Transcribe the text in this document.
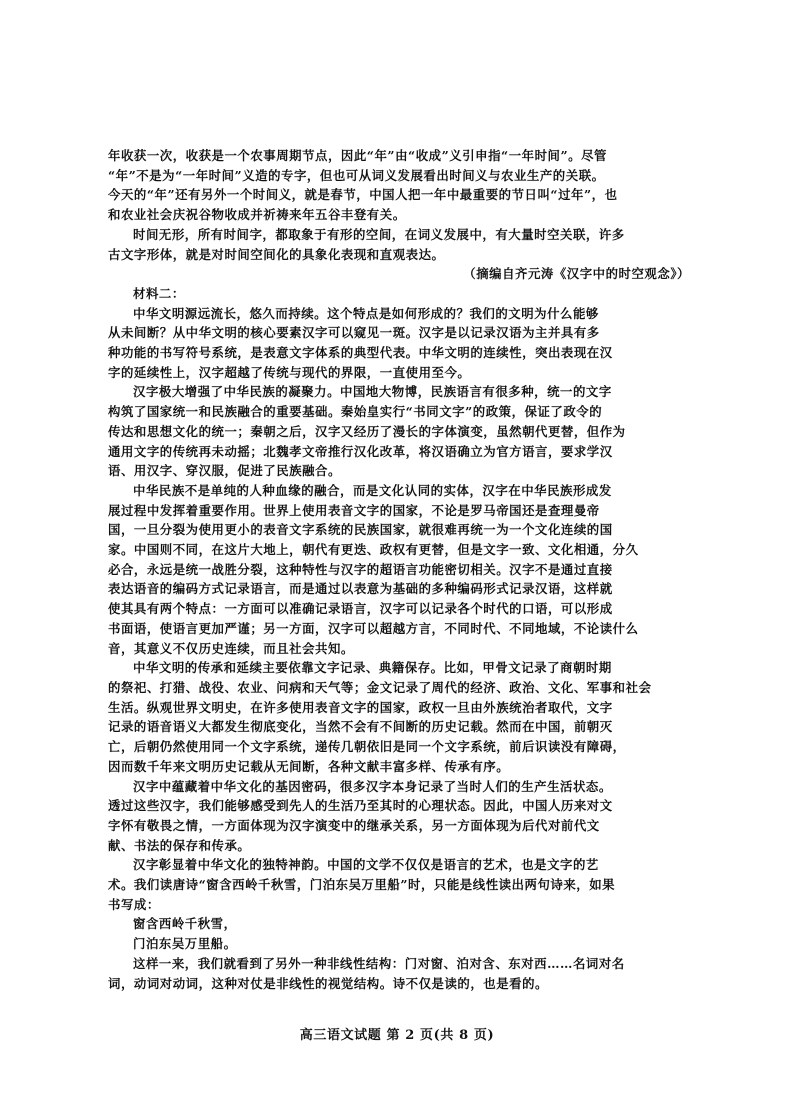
年收获一次，收获是一个农事周期节点，因此“年”由“收成”义引申指“一年时间”。尽管
“年”不是为“一年时间”义造的专字，但也可从词义发展看出时间义与农业生产的关联。
今天的“年”还有另外一个时间义，就是春节，中国人把一年中最重要的节日叫“过年”，也
和农业社会庆祝谷物收成并祈祷来年五谷丰登有关。
时间无形，所有时间字，都取象于有形的空间，在词义发展中，有大量时空关联，许多
古文字形体，就是对时间空间化的具象化表现和直观表达。
（摘编自齐元涛《汉字中的时空观念》）
材料二：
中华文明源远流长，悠久而持续。这个特点是如何形成的？我们的文明为什么能够
从未间断？从中华文明的核心要素汉字可以窥见一斑。汉字是以记录汉语为主并具有多
种功能的书写符号系统，是表意文字体系的典型代表。中华文明的连续性，突出表现在汉
字的延续性上，汉字超越了传统与现代的界限，一直使用至今。
汉字极大增强了中华民族的凝聚力。中国地大物博，民族语言有很多种，统一的文字
构筑了国家统一和民族融合的重要基础。秦始皇实行“书同文字”的政策，保证了政令的
传达和思想文化的统一；秦朝之后，汉字又经历了漫长的字体演变，虽然朝代更替，但作为
通用文字的传统再未动摇；北魏孝文帝推行汉化改革，将汉语确立为官方语言，要求学汉
语、用汉字、穿汉服，促进了民族融合。
中华民族不是单纯的人种血缘的融合，而是文化认同的实体，汉字在中华民族形成发
展过程中发挥着重要作用。世界上使用表音文字的国家，不论是罗马帝国还是查理曼帝
国，一旦分裂为使用更小的表音文字系统的民族国家，就很难再统一为一个文化连续的国
家。中国则不同，在这片大地上，朝代有更迭、政权有更替，但是文字一致、文化相通，分久
必合，永远是统一战胜分裂，这种特性与汉字的超语言功能密切相关。汉字不是通过直接
表达语音的编码方式记录语言，而是通过以表意为基础的多种编码形式记录汉语，这样就
使其具有两个特点：一方面可以准确记录语言，汉字可以记录各个时代的口语，可以形成
书面语，使语言更加严谨；另一方面，汉字可以超越方言，不同时代、不同地域，不论读什么
音，其意义不仅历史连续，而且社会共知。
中华文明的传承和延续主要依靠文字记录、典籍保存。比如，甲骨文记录了商朝时期
的祭祀、打猎、战役、农业、问病和天气等；金文记录了周代的经济、政治、文化、军事和社会
生活。纵观世界文明史，在许多使用表音文字的国家，政权一旦由外族统治者取代，文字
记录的语音语义大都发生彻底变化，当然不会有不间断的历史记载。然而在中国，前朝灭
亡，后朝仍然使用同一个文字系统，递传几朝依旧是同一个文字系统，前后识读没有障碍，
因而数千年来文明历史记载从无间断，各种文献丰富多样、传承有序。
汉字中蕴藏着中华文化的基因密码，很多汉字本身记录了当时人们的生产生活状态。
透过这些汉字，我们能够感受到先人的生活乃至其时的心理状态。因此，中国人历来对文
字怀有敬畏之情，一方面体现为汉字演变中的继承关系，另一方面体现为后代对前代文
献、书法的保存和传承。
汉字彰显着中华文化的独特神韵。中国的文学不仅仅是语言的艺术，也是文字的艺
术。我们读唐诗“窗含西岭千秋雪，门泊东吴万里船”时，只能是线性读出两句诗来，如果
书写成：
窗含西岭千秋雪，
门泊东吴万里船。
这样一来，我们就看到了另外一种非线性结构：门对窗、泊对含、东对西……名词对名
词，动词对动词，这种对仗是非线性的视觉结构。诗不仅是读的，也是看的。
高三语文试题 第 2 页(共 8 页)
